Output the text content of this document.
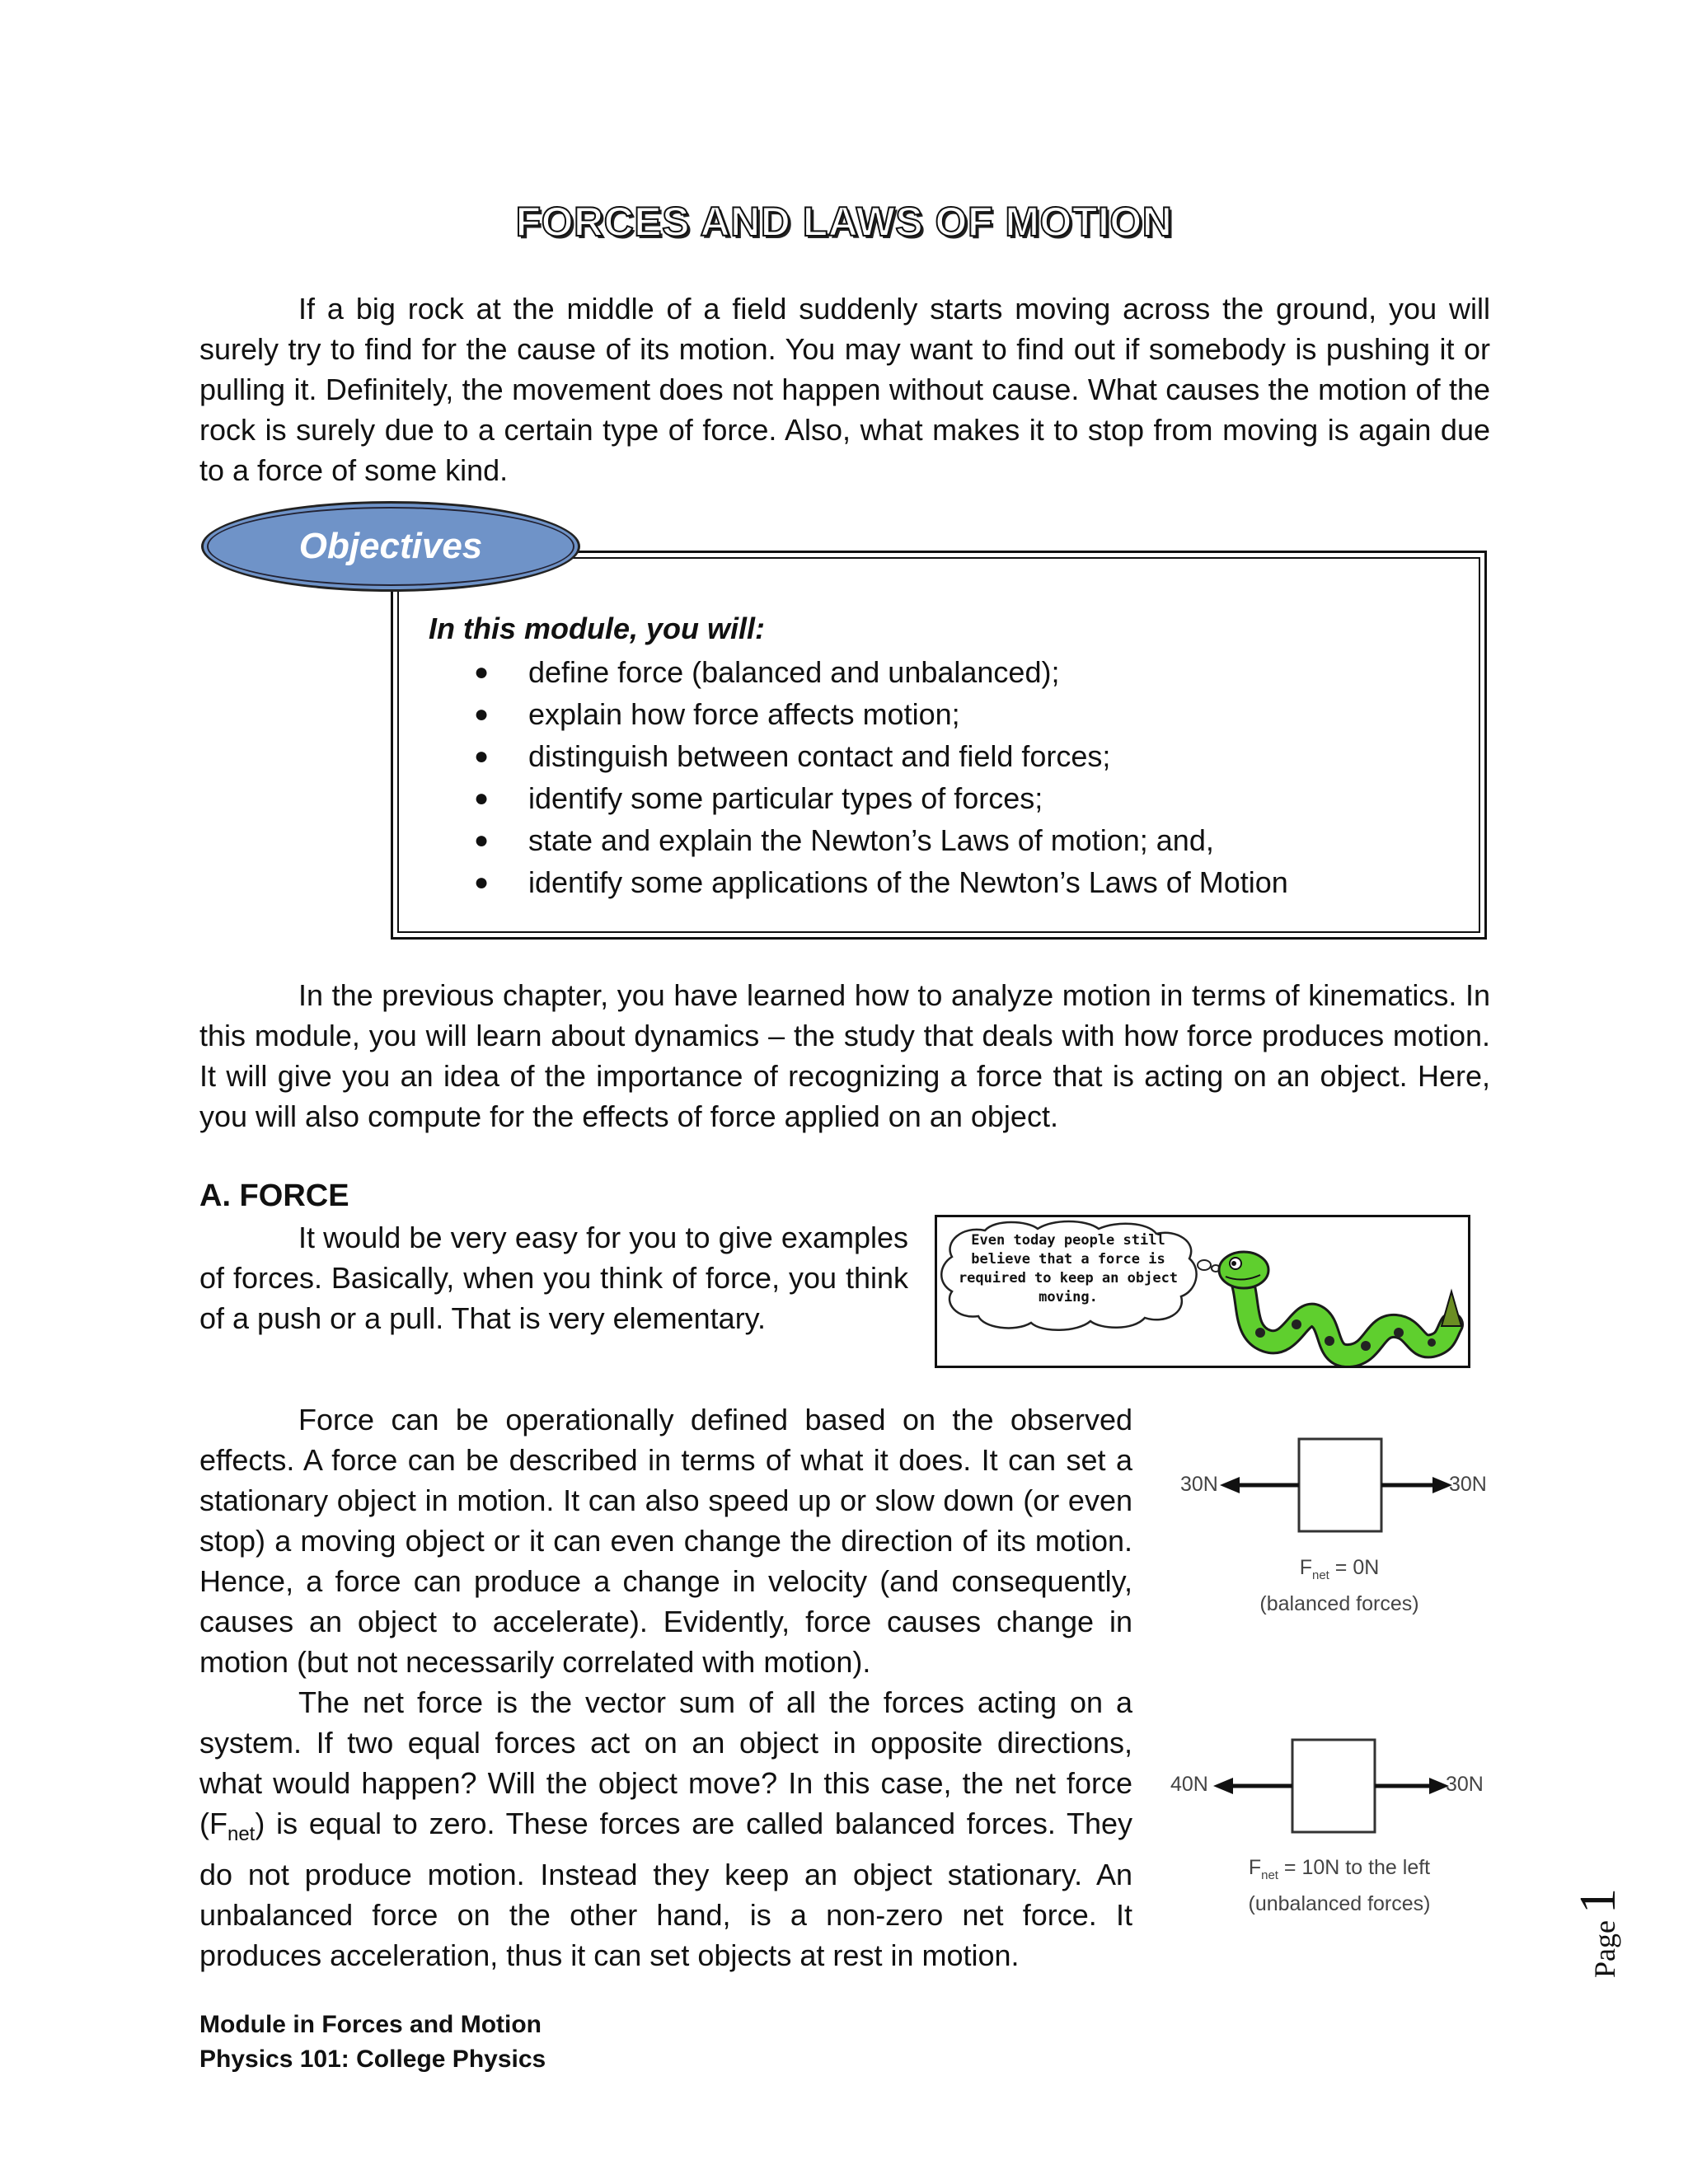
FORCES AND LAWS OF MOTION
If a big rock at the middle of a field suddenly starts moving across the ground, you will surely try to find for the cause of its motion. You may want to find out if somebody is pushing it or pulling it. Definitely, the movement does not happen without cause. What causes the motion of the rock is surely due to a certain type of force. Also, what makes it to stop from moving is again due to a force of some kind.
Objectives
In this module, you will:
● define force (balanced and unbalanced);
● explain how force affects motion;
● distinguish between contact and field forces;
● identify some particular types of forces;
● state and explain the Newton’s Laws of motion; and,
● identify some applications of the Newton’s Laws of Motion
In the previous chapter, you have learned how to analyze motion in terms of kinematics. In this module, you will learn about dynamics – the study that deals with how force produces motion. It will give you an idea of the importance of recognizing a force that is acting on an object. Here, you will also compute for the effects of force applied on an object.
A. FORCE
It would be very easy for you to give examples of forces. Basically, when you think of force, you think of a push or a pull. That is very elementary.
Even today people still believe that a force is required to keep an object moving.
Force can be operationally defined based on the observed effects. A force can be described in terms of what it does. It can set a stationary object in motion. It can also speed up or slow down (or even stop) a moving object or it can even change the direction of its motion. Hence, a force can produce a change in velocity (and consequently, causes an object to accelerate). Evidently, force causes change in motion (but not necessarily correlated with motion).
The net force is the vector sum of all the forces acting on a system. If two equal forces act on an object in opposite directions, what would happen? Will the object move? In this case, the net force $(F_{net})$ is equal to zero. These forces are called balanced forces. They do not produce motion. Instead they keep an object stationary. An unbalanced force on the other hand, is a non-zero net force. It produces acceleration, thus it can set objects at rest in motion.
30N	30N
$F_{net} = 0N$
(balanced forces)
40N	30N
$F_{net} = 10N$ to the left
(unbalanced forces)
Page1
Module in Forces and Motion
Physics 101: College Physics
